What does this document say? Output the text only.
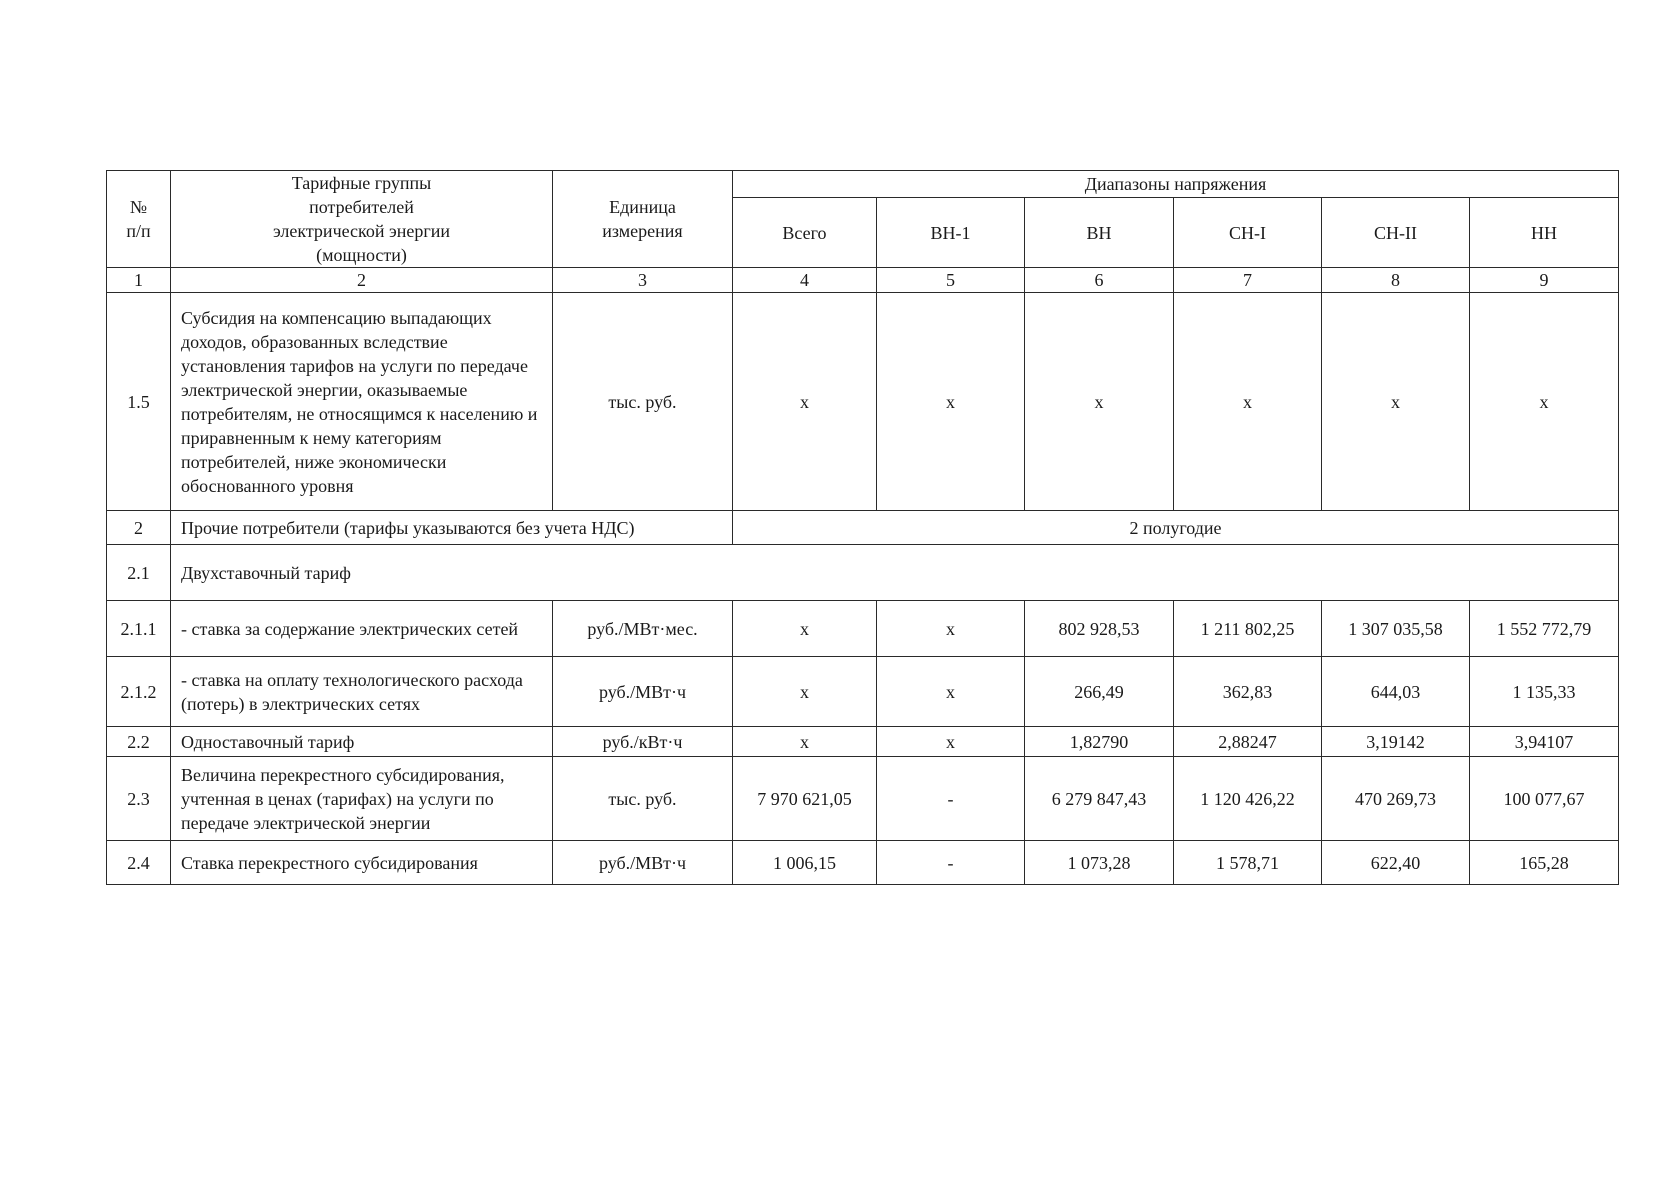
№
п/п	Тарифные группы
потребителей
электрической энергии
(мощности)	Единица
измерения	Диапазоны напряжения					
			Всего	ВН-1	ВН	СН-I	СН-II	НН
1	2	3	4	5	6	7	8	9
1.5	Субсидия на компенсацию выпадающих доходов, образованных вследствие установления тарифов на услуги по передаче электрической энергии, оказываемые потребителям, не относящимся к населению и приравненным к нему категориям потребителей, ниже экономически обоснованного уровня	тыс. руб.	x	x	x	x	x	x
2	Прочие потребители (тарифы указываются без учета НДС)		2 полугодие					
2.1	Двухставочный тариф							
2.1.1	- ставка за содержание электрических сетей	руб./МВт·мес.	x	x	802 928,53	1 211 802,25	1 307 035,58	1 552 772,79
2.1.2	- ставка на оплату технологического расхода (потерь) в электрических сетях	руб./МВт·ч	x	x	266,49	362,83	644,03	1 135,33
2.2	Одноставочный тариф	руб./кВт·ч	x	x	1,82790	2,88247	3,19142	3,94107
2.3	Величина перекрестного субсидирования, учтенная в ценах (тарифах) на услуги по передаче электрической энергии	тыс. руб.	7 970 621,05	-	6 279 847,43	1 120 426,22	470 269,73	100 077,67
2.4	Ставка перекрестного субсидирования	руб./МВт·ч	1 006,15	-	1 073,28	1 578,71	622,40	165,28
